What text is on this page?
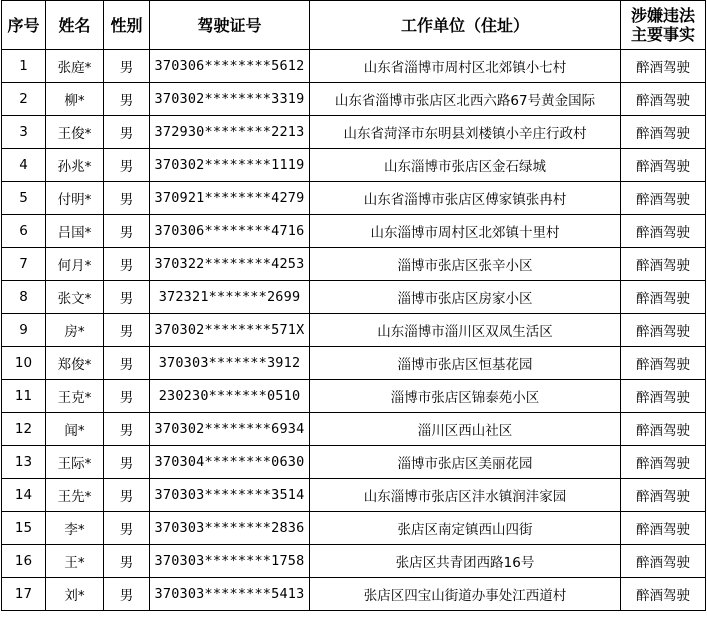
序号	姓名	性别	驾驶证号	工作单位（住址）	涉嫌违法
主要事实

1	张庭*	男	370306********5612	山东省淄博市周村区北郊镇小七村	醉酒驾驶
2	柳*	男	370302********3319	山东省淄博市张店区北西六路67号黄金国际	醉酒驾驶
3	王俊*	男	372930********2213	山东省菏泽市东明县刘楼镇小辛庄行政村	醉酒驾驶
4	孙兆*	男	370302********1119	山东淄博市张店区金石绿城	醉酒驾驶
5	付明*	男	370921********4279	山东省淄博市张店区傅家镇张冉村	醉酒驾驶
6	吕国*	男	370306********4716	山东淄博市周村区北郊镇十里村	醉酒驾驶
7	何月*	男	370322********4253	淄博市张店区张辛小区	醉酒驾驶
8	张文*	男	372321*******2699	淄博市张店区房家小区	醉酒驾驶
9	房*	男	370302********571X	山东淄博市淄川区双凤生活区	醉酒驾驶
10	郑俊*	男	370303*******3912	淄博市张店区恒基花园	醉酒驾驶
11	王克*	男	230230*******0510	淄博市张店区锦泰苑小区	醉酒驾驶
12	闻*	男	370302********6934	淄川区西山社区	醉酒驾驶
13	王际*	男	370304********0630	淄博市张店区美丽花园	醉酒驾驶
14	王先*	男	370303********3514	山东淄博市张店区沣水镇润沣家园	醉酒驾驶
15	李*	男	370303********2836	张店区南定镇西山四街	醉酒驾驶
16	王*	男	370303********1758	张店区共青团西路16号	醉酒驾驶
17	刘*	男	370303********5413	张店区四宝山街道办事处江西道村	醉酒驾驶
